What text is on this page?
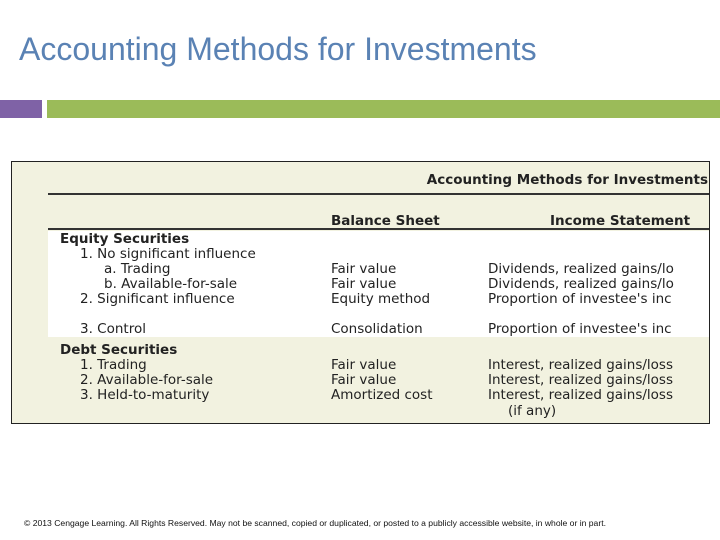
Accounting Methods for Investments
Accounting Methods for Investments
Balance Sheet	Income Statement
Equity Securities
1. No significant influence
a. Trading	Fair value	Dividends, realized gains/lo
b. Available-for-sale	Fair value	Dividends, realized gains/lo
2. Significant influence	Equity method	Proportion of investee's inc
3. Control	Consolidation	Proportion of investee's inc
Debt Securities
1. Trading	Fair value	Interest, realized gains/loss
2. Available-for-sale	Fair value	Interest, realized gains/loss
3. Held-to-maturity	Amortized cost	Interest, realized gains/loss
(if any)
© 2013 Cengage Learning. All Rights Reserved. May not be scanned, copied or duplicated, or posted to a publicly accessible website, in whole or in part.
